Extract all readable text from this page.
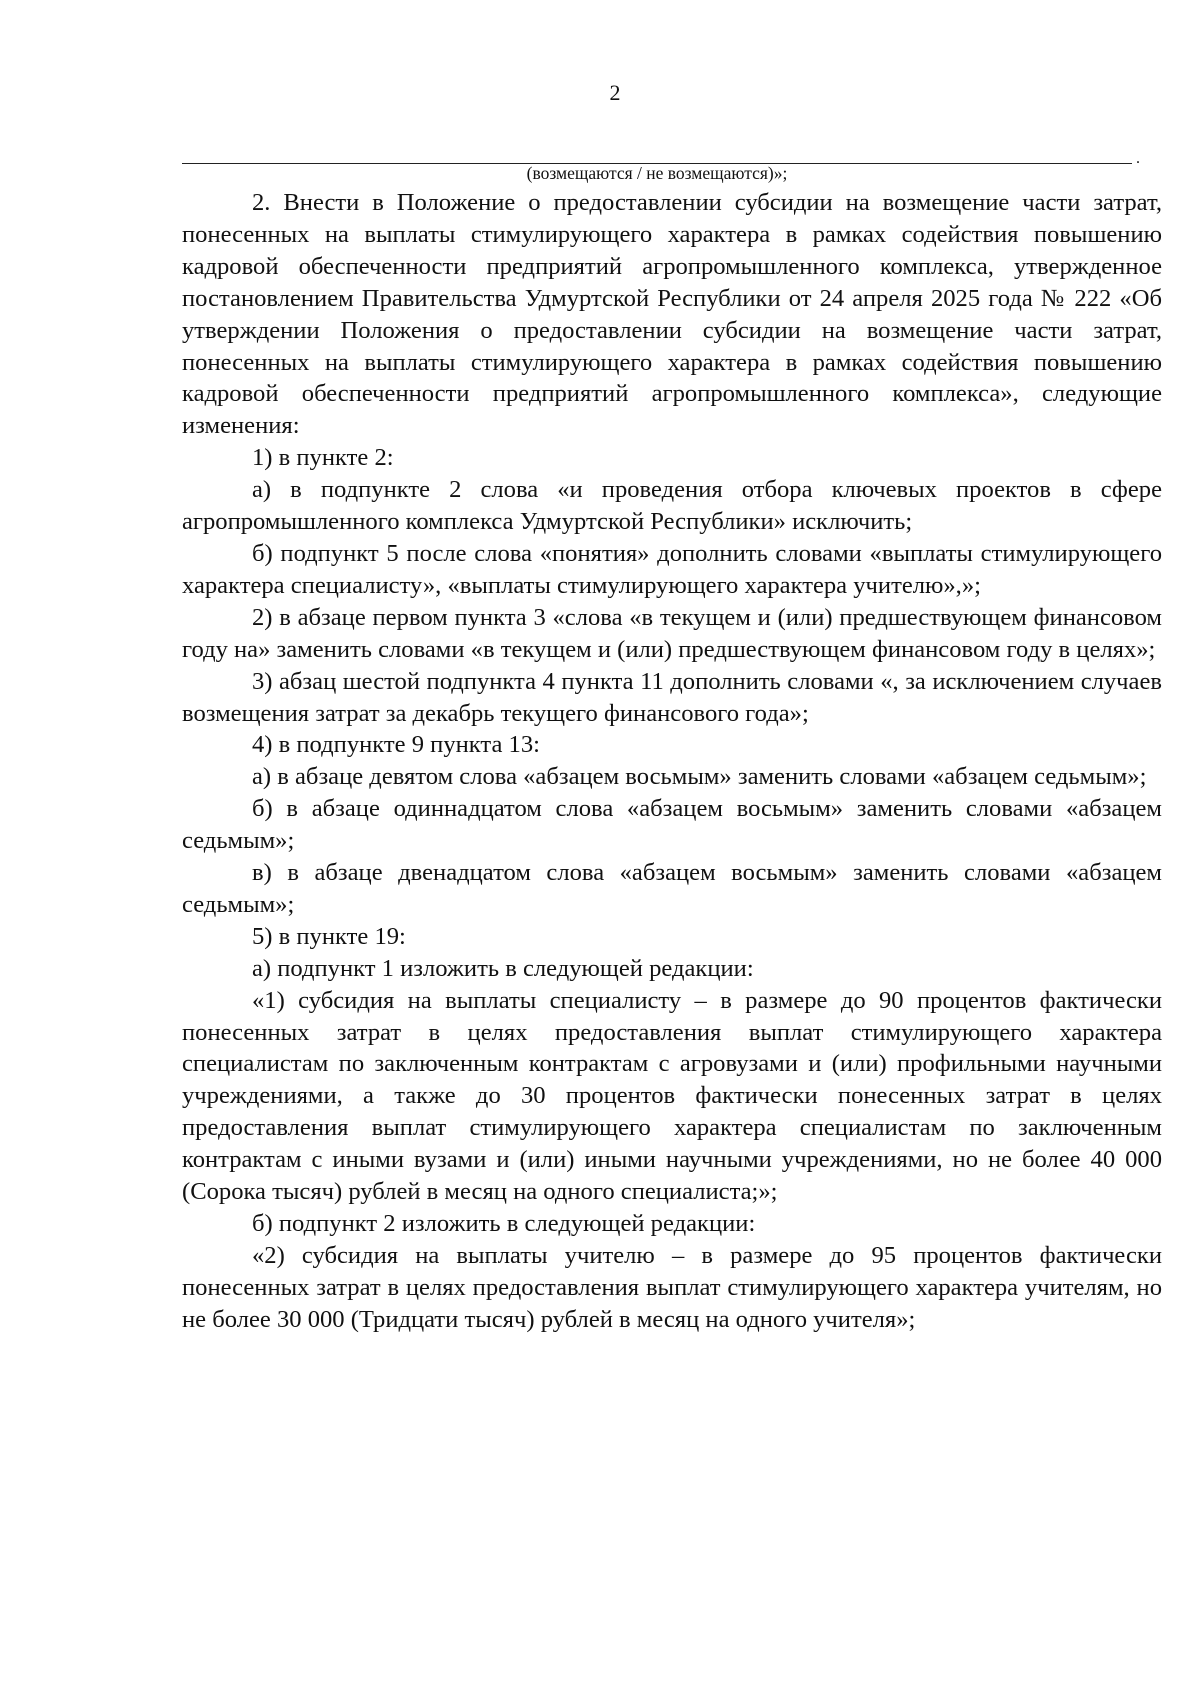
2
.
(возмещаются / не возмещаются)»;

2. Внести в Положение о предоставлении субсидии на возмещение части затрат, понесенных на выплаты стимулирующего характера в рамках содействия повышению кадровой обеспеченности предприятий агропромышленного комплекса, утвержденное постановлением Правительства Удмуртской Республики от 24 апреля 2025 года № 222 «Об утверждении Положения о предоставлении субсидии на возмещение части затрат, понесенных на выплаты стимулирующего характера в рамках содействия повышению кадровой обеспеченности предприятий агропромышленного комплекса», следующие изменения:

1) в пункте 2:

а) в подпункте 2 слова «и проведения отбора ключевых проектов в сфере агропромышленного комплекса Удмуртской Республики» исключить;

б) подпункт 5 после слова «понятия» дополнить словами «выплаты стимулирующего характера специалисту», «выплаты стимулирующего характера учителю»,»;

2) в абзаце первом пункта 3 «слова «в текущем и (или) предшествующем финансовом году на» заменить словами «в текущем и (или) предшествующем финансовом году в целях»;

3) абзац шестой подпункта 4 пункта 11 дополнить словами «, за исключением случаев возмещения затрат за декабрь текущего финансового года»;

4) в подпункте 9 пункта 13:

а) в абзаце девятом слова «абзацем восьмым» заменить словами «абзацем седьмым»;

б) в абзаце одиннадцатом слова «абзацем восьмым» заменить словами «абзацем седьмым»;

в) в абзаце двенадцатом слова «абзацем восьмым» заменить словами «абзацем седьмым»;

5) в пункте 19:

а) подпункт 1 изложить в следующей редакции:

«1) субсидия на выплаты специалисту – в размере до 90 процентов фактически понесенных затрат в целях предоставления выплат стимулирующего характера специалистам по заключенным контрактам с агровузами и (или) профильными научными учреждениями, а также до 30 процентов фактически понесенных затрат в целях предоставления выплат стимулирующего характера специалистам по заключенным контрактам с иными вузами и (или) иными научными учреждениями, но не более 40 000 (Сорока тысяч) рублей в месяц на одного специалиста;»;

б) подпункт 2 изложить в следующей редакции:

«2) субсидия на выплаты учителю – в размере до 95 процентов фактически понесенных затрат в целях предоставления выплат стимулирующего характера учителям, но не более 30 000 (Тридцати тысяч) рублей в месяц на одного учителя»;
